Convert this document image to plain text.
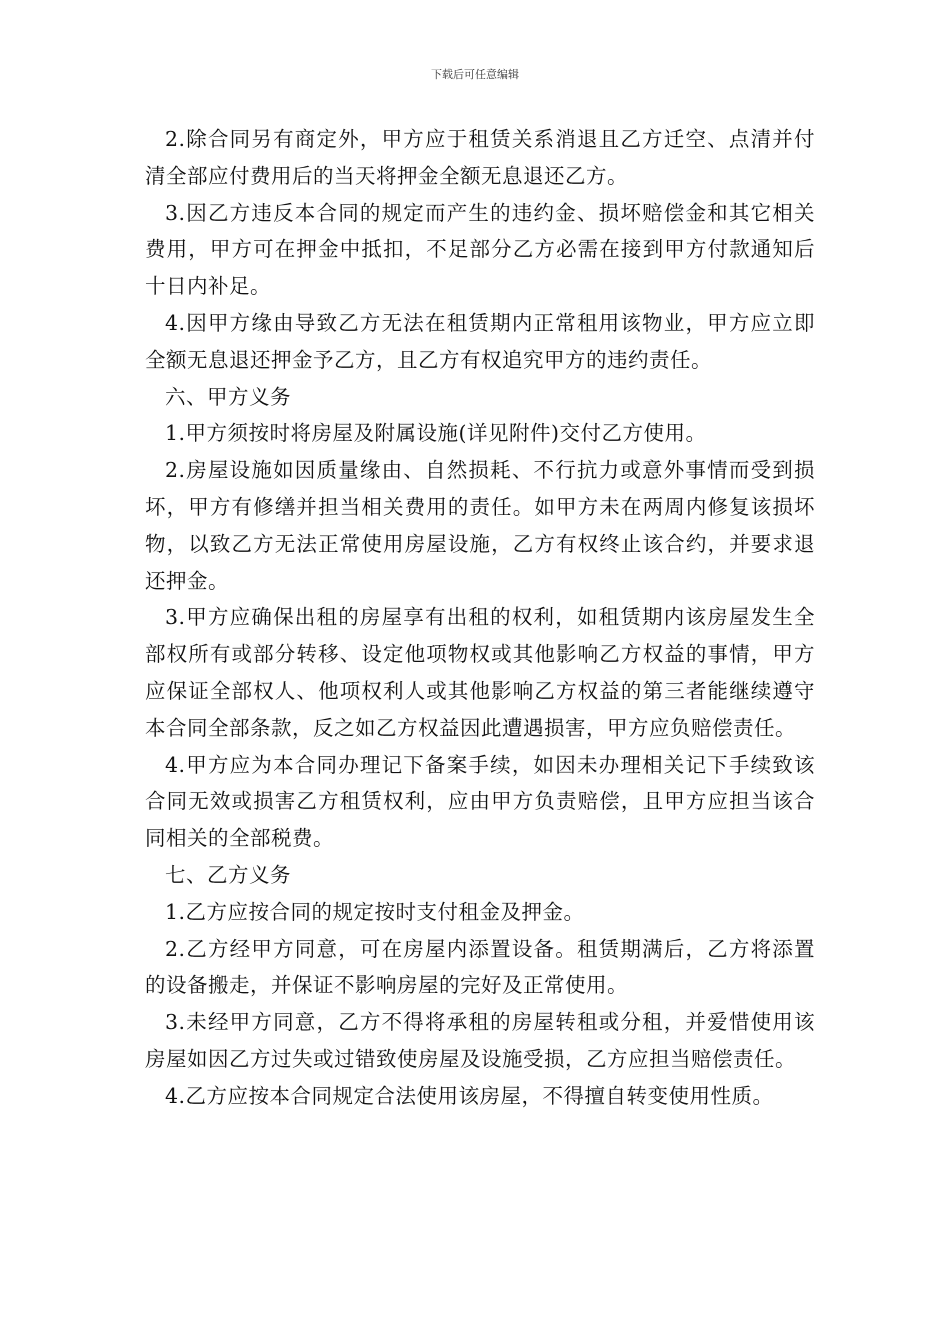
下载后可任意编辑

2.除合同另有商定外，甲方应于租赁关系消退且乙方迁空、点清并付清全部应付费用后的当天将押金全额无息退还乙方。

3.因乙方违反本合同的规定而产生的违约金、损坏赔偿金和其它相关费用，甲方可在押金中抵扣，不足部分乙方必需在接到甲方付款通知后十日内补足。

4.因甲方缘由导致乙方无法在租赁期内正常租用该物业，甲方应立即全额无息退还押金予乙方，且乙方有权追究甲方的违约责任。

六、甲方义务

1.甲方须按时将房屋及附属设施(详见附件)交付乙方使用。

2.房屋设施如因质量缘由、自然损耗、不行抗力或意外事情而受到损坏，甲方有修缮并担当相关费用的责任。如甲方未在两周内修复该损坏物，以致乙方无法正常使用房屋设施，乙方有权终止该合约，并要求退还押金。

3.甲方应确保出租的房屋享有出租的权利，如租赁期内该房屋发生全部权所有或部分转移、设定他项物权或其他影响乙方权益的事情，甲方应保证全部权人、他项权利人或其他影响乙方权益的第三者能继续遵守本合同全部条款，反之如乙方权益因此遭遇损害，甲方应负赔偿责任。

4.甲方应为本合同办理记下备案手续，如因未办理相关记下手续致该合同无效或损害乙方租赁权利，应由甲方负责赔偿，且甲方应担当该合同相关的全部税费。

七、乙方义务

1.乙方应按合同的规定按时支付租金及押金。

2.乙方经甲方同意，可在房屋内添置设备。租赁期满后，乙方将添置的设备搬走，并保证不影响房屋的完好及正常使用。

3.未经甲方同意，乙方不得将承租的房屋转租或分租，并爱惜使用该房屋如因乙方过失或过错致使房屋及设施受损，乙方应担当赔偿责任。

4.乙方应按本合同规定合法使用该房屋，不得擅自转变使用性质。
